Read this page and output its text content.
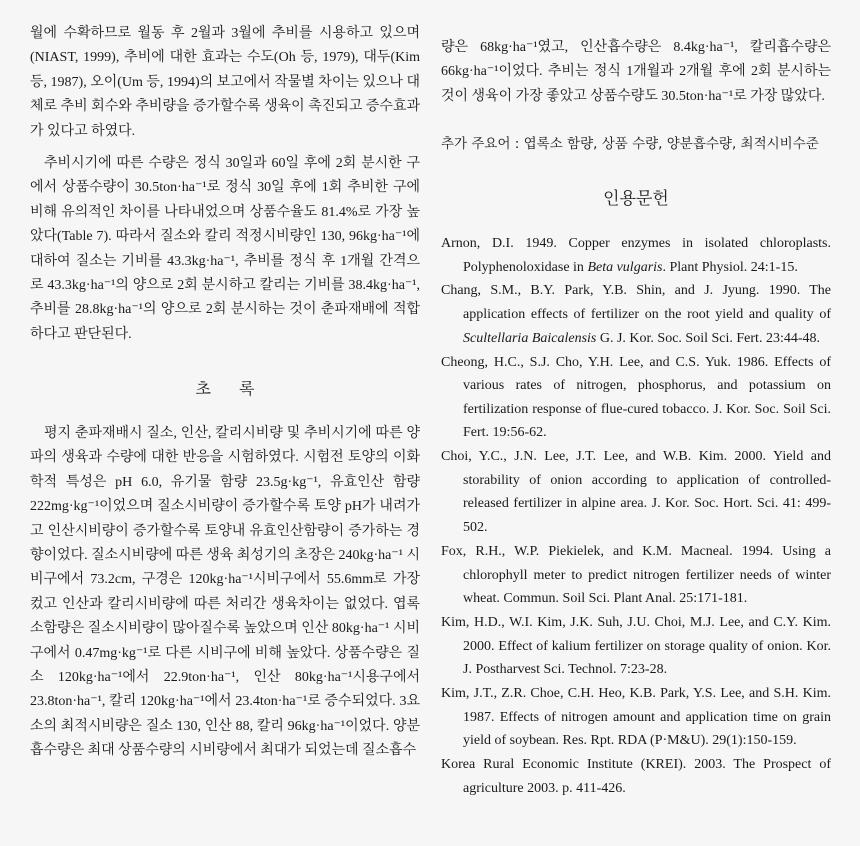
월에 수확하므로 월동 후 2월과 3월에 추비를 시용하고 있으며 (NIAST, 1999), 추비에 대한 효과는 수도(Oh 등, 1979), 대두(Kim 등, 1987), 오이(Um 등, 1994)의 보고에서 작물별 차이는 있으나 대체로 추비 회수와 추비량을 증가할수록 생육이 촉진되고 증수효과가 있다고 하였다.

추비시기에 따른 수량은 정식 30일과 60일 후에 2회 분시한 구에서 상품수량이 30.5ton·ha⁻¹로 정식 30일 후에 1회 추비한 구에 비해 유의적인 차이를 나타내었으며 상품수율도 81.4%로 가장 높았다(Table 7). 따라서 질소와 칼리 적정시비량인 130, 96kg·ha⁻¹에 대하여 질소는 기비를 43.3kg·ha⁻¹, 추비를 정식 후 1개월 간격으로 43.3kg·ha⁻¹의 양으로 2회 분시하고 칼리는 기비를 38.4kg·ha⁻¹, 추비를 28.8kg·ha⁻¹의 양으로 2회 분시하는 것이 춘파재배에 적합하다고 판단된다.

초록

평지 춘파재배시 질소, 인산, 칼리시비량 및 추비시기에 따른 양파의 생육과 수량에 대한 반응을 시험하였다. 시험전 토양의 이화학적 특성은 pH 6.0, 유기물 함량 23.5g·kg⁻¹, 유효인산 함량 222mg·kg⁻¹이었으며 질소시비량이 증가할수록 토양 pH가 내려가고 인산시비량이 증가할수록 토양내 유효인산함량이 증가하는 경향이었다. 질소시비량에 따른 생육 최성기의 초장은 240kg·ha⁻¹ 시비구에서 73.2cm, 구경은 120kg·ha⁻¹시비구에서 55.6mm로 가장 컸고 인산과 칼리시비량에 따른 처리간 생육차이는 없었다. 엽록소함량은 질소시비량이 많아질수록 높았으며 인산 80kg·ha⁻¹ 시비구에서 0.47mg·kg⁻¹로 다른 시비구에 비해 높았다. 상품수량은 질소 120kg·ha⁻¹에서 22.9ton·ha⁻¹, 인산 80kg·ha⁻¹시용구에서 23.8ton·ha⁻¹, 칼리 120kg·ha⁻¹에서 23.4ton·ha⁻¹로 증수되었다. 3요소의 최적시비량은 질소 130, 인산 88, 칼리 96kg·ha⁻¹이었다. 양분흡수량은 최대 상품수량의 시비량에서 최대가 되었는데 질소흡수

량은 68kg·ha⁻¹였고, 인산흡수량은 8.4kg·ha⁻¹, 칼리흡수량은 66kg·ha⁻¹이었다. 추비는 정식 1개월과 2개월 후에 2회 분시하는 것이 생육이 가장 좋았고 상품수량도 30.5ton·ha⁻¹로 가장 많았다.

추가 주요어 : 엽록소 함량, 상품 수량, 양분흡수량, 최적시비수준
인용문헌

Arnon, D.I. 1949. Copper enzymes in isolated chloroplasts. Polyphenoloxidase in Beta vulgaris. Plant Physiol. 24:1-15.

Chang, S.M., B.Y. Park, Y.B. Shin, and J. Jyung. 1990. The application effects of fertilizer on the root yield and quality of Scultellaria Baicalensis G. J. Kor. Soc. Soil Sci. Fert. 23:44-48.

Cheong, H.C., S.J. Cho, Y.H. Lee, and C.S. Yuk. 1986. Effects of various rates of nitrogen, phosphorus, and potassium on fertilization response of flue-cured tobacco. J. Kor. Soc. Soil Sci. Fert. 19:56-62.

Choi, Y.C., J.N. Lee, J.T. Lee, and W.B. Kim. 2000. Yield and storability of onion according to application of controlled-released fertilizer in alpine area. J. Kor. Soc. Hort. Sci. 41: 499-502.

Fox, R.H., W.P. Piekielek, and K.M. Macneal. 1994. Using a chlorophyll meter to predict nitrogen fertilizer needs of winter wheat. Commun. Soil Sci. Plant Anal. 25:171-181.

Kim, H.D., W.I. Kim, J.K. Suh, J.U. Choi, M.J. Lee, and C.Y. Kim. 2000. Effect of kalium fertilizer on storage quality of onion. Kor. J. Postharvest Sci. Technol. 7:23-28.

Kim, J.T., Z.R. Choe, C.H. Heo, K.B. Park, Y.S. Lee, and S.H. Kim. 1987. Effects of nitrogen amount and application time on grain yield of soybean. Res. Rpt. RDA (P·M&U). 29(1):150-159.

Korea Rural Economic Institute (KREI). 2003. The Prospect of agriculture 2003. p. 411-426.
